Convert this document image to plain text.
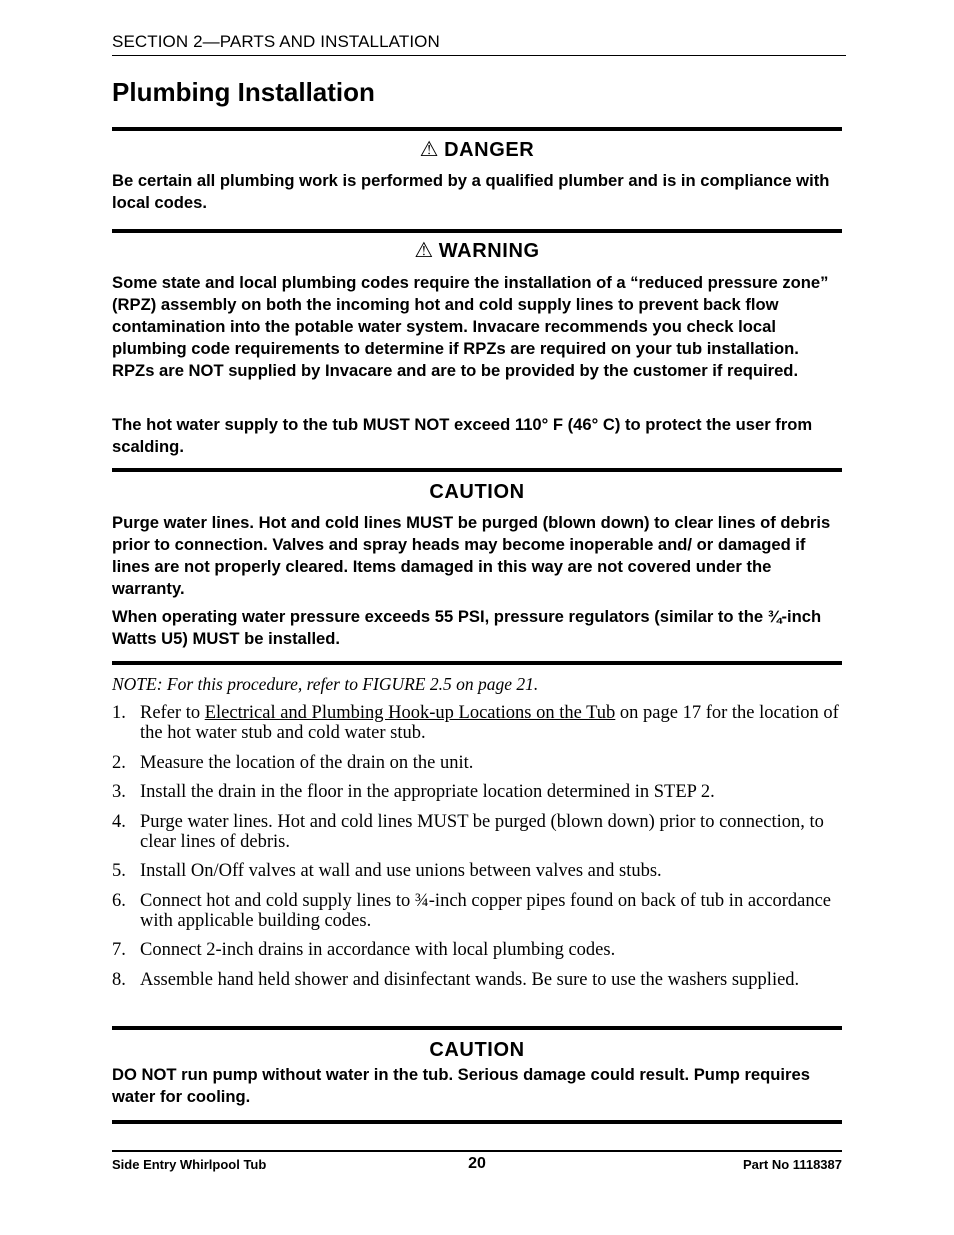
SECTION 2—PARTS AND INSTALLATION
Plumbing Installation
⚠ DANGER

Be certain all plumbing work is performed by a qualified plumber and is in compliance with local codes.

⚠ WARNING

Some state and local plumbing codes require the installation of a “reduced pressure zone” (RPZ) assembly on both the incoming hot and cold supply lines to prevent back flow contamination into the potable water system. Invacare recommends you check local plumbing code requirements to determine if RPZs are required on your tub installation. RPZs are NOT supplied by Invacare and are to be provided by the customer if required.

The hot water supply to the tub MUST NOT exceed 110° F (46° C) to protect the user from scalding.

CAUTION

Purge water lines. Hot and cold lines MUST be purged (blown down) to clear lines of debris prior to connection. Valves and spray heads may become inoperable and/ or damaged if lines are not properly cleared. Items damaged in this way are not covered under the warranty.

When operating water pressure exceeds 55 PSI, pressure regulators (similar to the ¾-inch Watts U5) MUST be installed.

NOTE: For this procedure, refer to FIGURE 2.5 on page 21.

1. Refer to Electrical and Plumbing Hook-up Locations on the Tub on page 17 for the location of the hot water stub and cold water stub.
2. Measure the location of the drain on the unit.
3. Install the drain in the floor in the appropriate location determined in STEP 2.
4. Purge water lines. Hot and cold lines MUST be purged (blown down) prior to connection, to clear lines of debris.
5. Install On/Off valves at wall and use unions between valves and stubs.
6. Connect hot and cold supply lines to ¾-inch copper pipes found on back of tub in accordance with applicable building codes.
7. Connect 2-inch drains in accordance with local plumbing codes.
8. Assemble hand held shower and disinfectant wands. Be sure to use the washers supplied.
CAUTION

DO NOT run pump without water in the tub. Serious damage could result. Pump requires water for cooling.

Side Entry Whirlpool Tub	20	Part No 1118387
